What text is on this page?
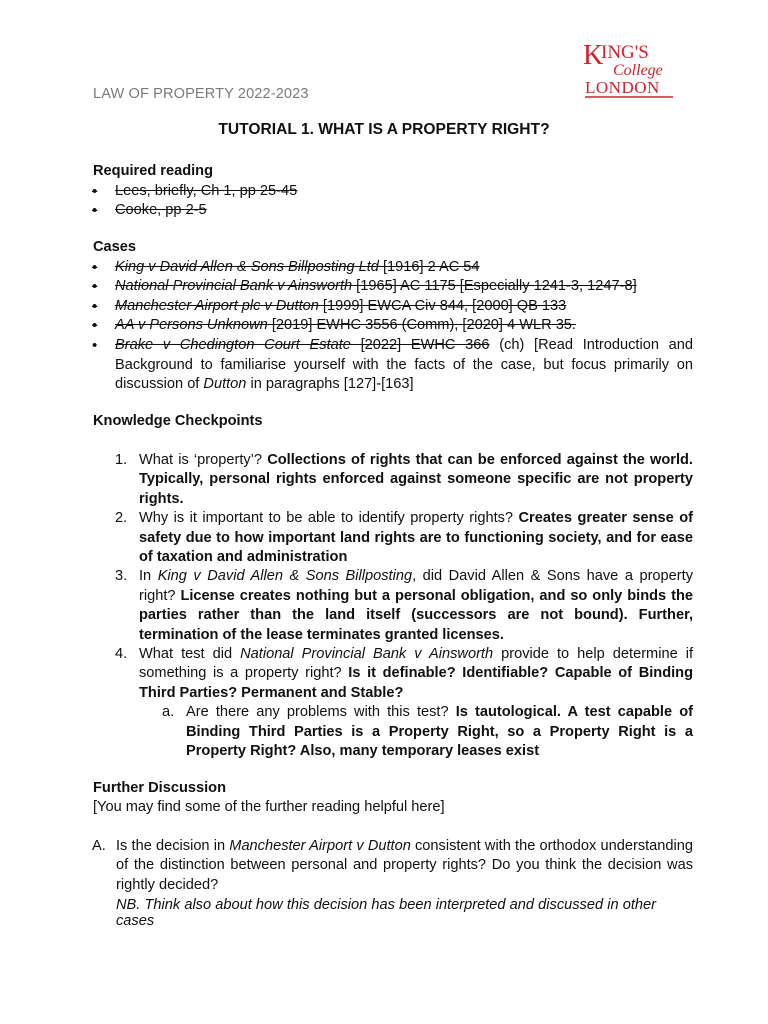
K
ING'S
College
LONDON
LAW OF PROPERTY 2022-2023
TUTORIAL 1. WHAT IS A PROPERTY RIGHT?
Required reading
• Lees, briefly, Ch 1, pp 25-45
• Cooke, pp 2-5
Cases
• King v David Allen & Sons Billposting Ltd [1916] 2 AC 54
• National Provincial Bank v Ainsworth [1965] AC 1175 [Especially 1241-3, 1247-8]
• Manchester Airport plc v Dutton [1999] EWCA Civ 844, [2000] QB 133
• AA v Persons Unknown [2019] EWHC 3556 (Comm), [2020] 4 WLR 35.
• Brake v Chedington Court Estate [2022] EWHC 366 (ch) [Read Introduction and Background to familiarise yourself with the facts of the case, but focus primarily on discussion of Dutton in paragraphs [127]-[163]
Knowledge Checkpoints
1. What is ‘property’? Collections of rights that can be enforced against the world. Typically, personal rights enforced against someone specific are not property rights.
2. Why is it important to be able to identify property rights? Creates greater sense of safety due to how important land rights are to functioning society, and for ease of taxation and administration
3. In King v David Allen & Sons Billposting, did David Allen & Sons have a property right? License creates nothing but a personal obligation, and so only binds the parties rather than the land itself (successors are not bound). Further, termination of the lease terminates granted licenses.
4. What test did National Provincial Bank v Ainsworth provide to help determine if something is a property right? Is it definable? Identifiable? Capable of Binding Third Parties? Permanent and Stable?
a. Are there any problems with this test? Is tautological. A test capable of Binding Third Parties is a Property Right, so a Property Right is a Property Right? Also, many temporary leases exist
Further Discussion
[You may find some of the further reading helpful here]
A. Is the decision in Manchester Airport v Dutton consistent with the orthodox understanding of the distinction between personal and property rights? Do you think the decision was rightly decided?
NB. Think also about how this decision has been interpreted and discussed in other cases
